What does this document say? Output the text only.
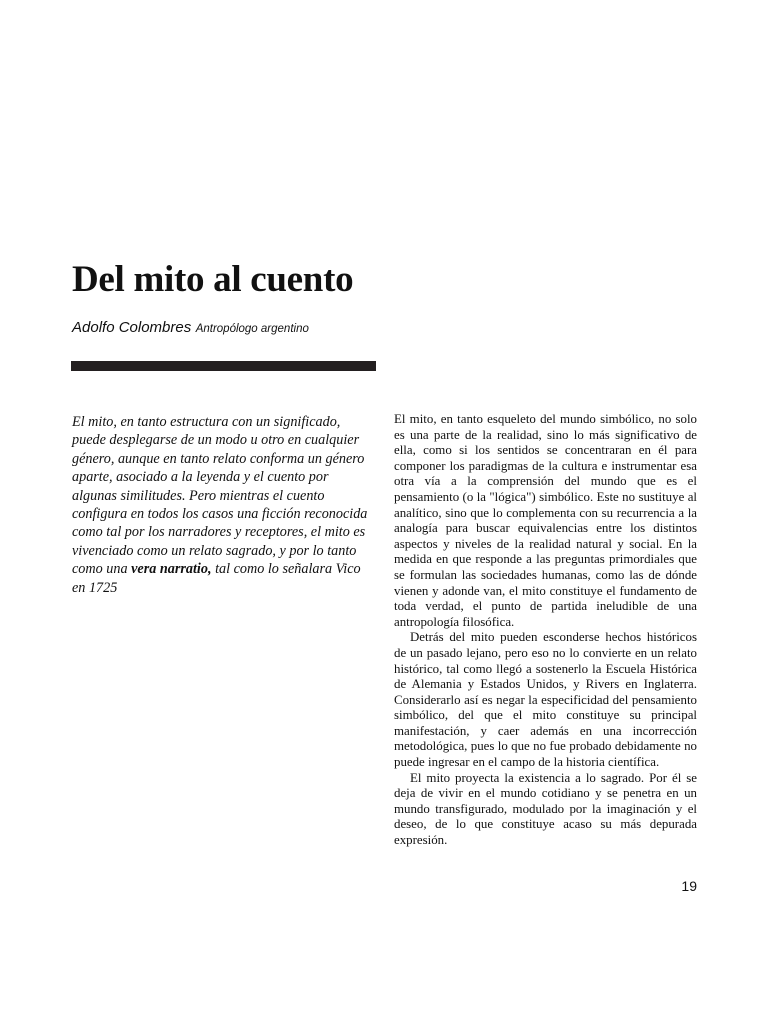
Del mito al cuento
Adolfo Colombres Antropólogo argentino

El mito, en tanto estructura con un significado, puede desplegarse de un modo u otro en cualquier género, aunque en tanto relato conforma un género aparte, asociado a la leyenda y el cuento por algunas similitudes. Pero mientras el cuento configura en todos los casos una ficción reconocida como tal por los narradores y receptores, el mito es vivenciado como un relato sagrado, y por lo tanto como una vera narratio, tal como lo señalara Vico en 1725

El mito, en tanto esqueleto del mundo simbólico, no solo es una parte de la realidad, sino lo más significativo de ella, como si los sentidos se concentraran en él para componer los paradigmas de la cultura e instrumentar esa otra vía a la comprensión del mundo que es el pensamiento (o la "lógica") simbólico. Este no sustituye al analítico, sino que lo complementa con su recurrencia a la analogía para buscar equivalencias entre los distintos aspectos y niveles de la realidad natural y social. En la medida en que responde a las preguntas primordiales que se formulan las sociedades humanas, como las de dónde vienen y adonde van, el mito constituye el fundamento de toda verdad, el punto de partida ineludible de una antropología filosófica.

Detrás del mito pueden esconderse hechos históricos de un pasado lejano, pero eso no lo convierte en un relato histórico, tal como llegó a sostenerlo la Escuela Histórica de Alemania y Estados Unidos, y Rivers en Inglaterra. Considerarlo así es negar la especificidad del pensamiento simbólico, del que el mito constituye su principal manifestación, y caer además en una incorrección metodológica, pues lo que no fue probado debidamente no puede ingresar en el campo de la historia científica.

El mito proyecta la existencia a lo sagrado. Por él se deja de vivir en el mundo cotidiano y se penetra en un mundo transfigurado, modulado por la imaginación y el deseo, de lo que constituye acaso su más depurada expresión.

19
